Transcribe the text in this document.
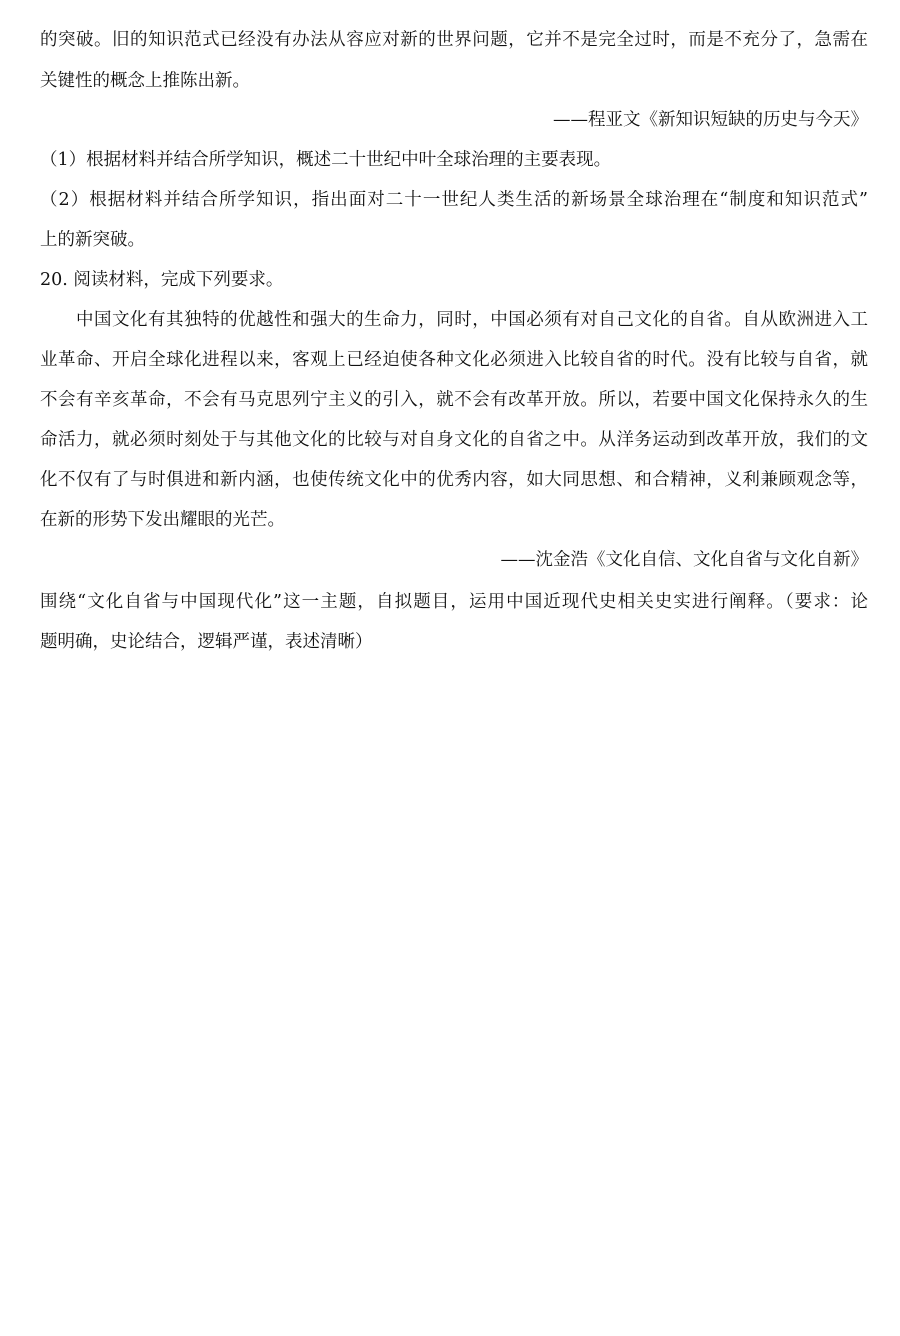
的突破。旧的知识范式已经没有办法从容应对新的世界问题，它并不是完全过时，而是不充分了，急需在
关键性的概念上推陈出新。
——程亚文《新知识短缺的历史与今天》
（1）根据材料并结合所学知识，概述二十世纪中叶全球治理的主要表现。
（2）根据材料并结合所学知识，指出面对二十一世纪人类生活的新场景全球治理在“制度和知识范式”
上的新突破。
20. 阅读材料，完成下列要求。
中国文化有其独特的优越性和强大的生命力，同时，中国必须有对自己文化的自省。自从欧洲进入工
业革命、开启全球化进程以来，客观上已经迫使各种文化必须进入比较自省的时代。没有比较与自省，就
不会有辛亥革命，不会有马克思列宁主义的引入，就不会有改革开放。所以，若要中国文化保持永久的生
命活力，就必须时刻处于与其他文化的比较与对自身文化的自省之中。从洋务运动到改革开放，我们的文
化不仅有了与时俱进和新内涵，也使传统文化中的优秀内容，如大同思想、和合精神，义利兼顾观念等，
在新的形势下发出耀眼的光芒。
——沈金浩《文化自信、文化自省与文化自新》
围绕“文化自省与中国现代化”这一主题，自拟题目，运用中国近现代史相关史实进行阐释。（要求：论
题明确，史论结合，逻辑严谨，表述清晰）
